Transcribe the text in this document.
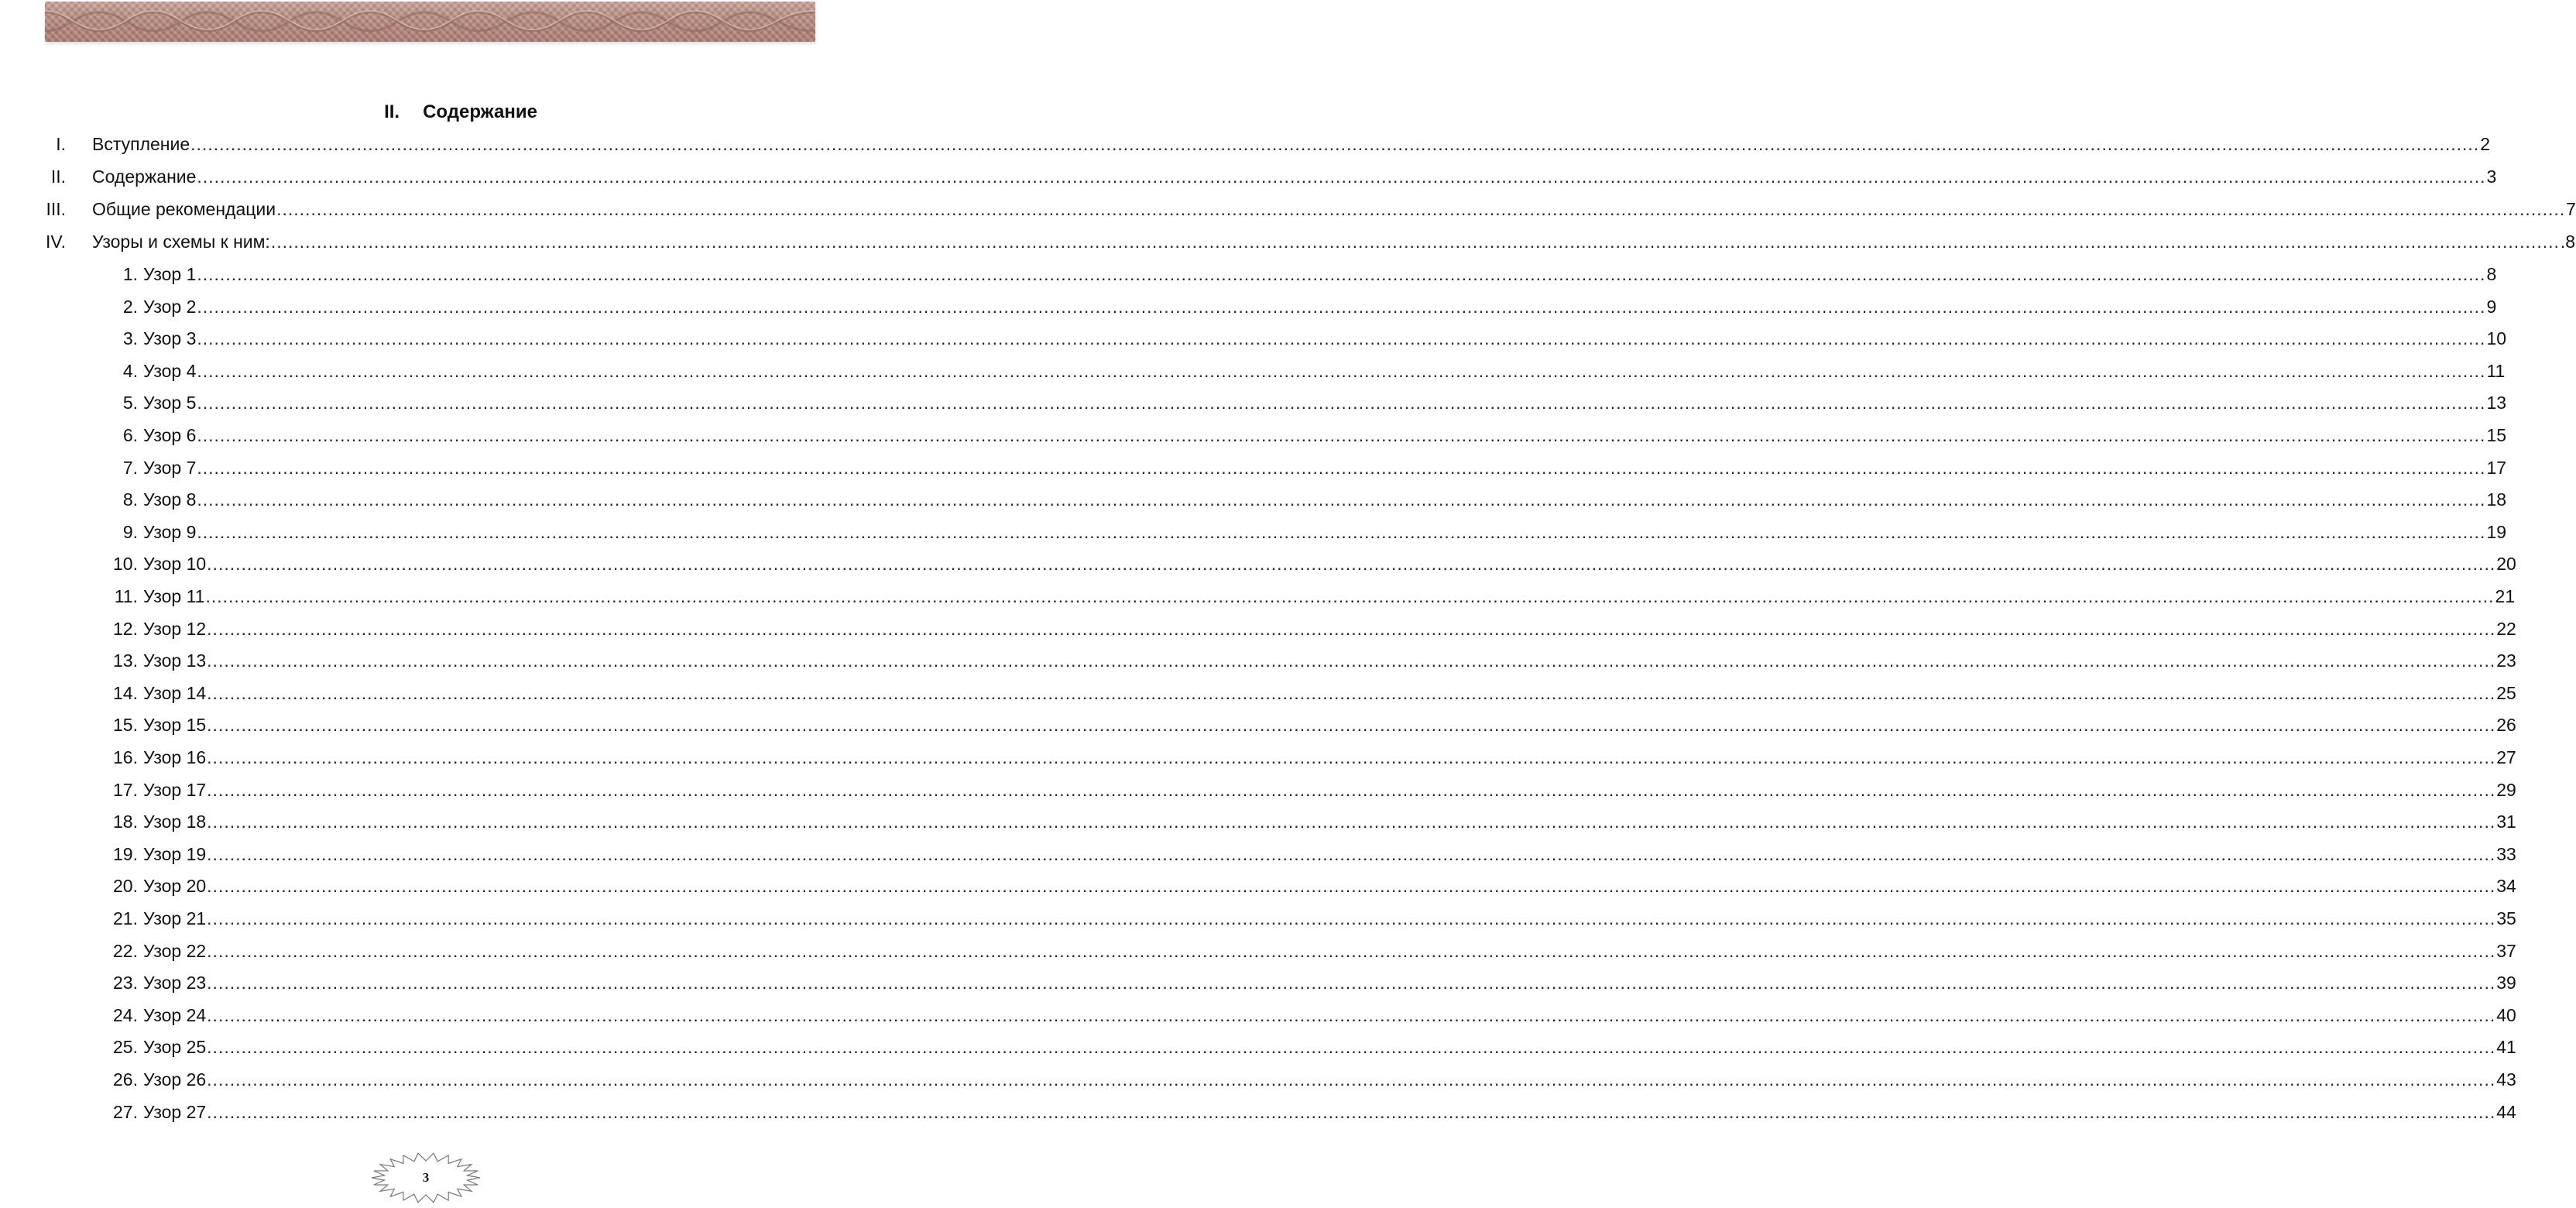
II. Содержание
Вступление ................................................................................................................................................................................................................................................................................................................................................................................................................ 2
Содержание ................................................................................................................................................................................................................................................................................................................................................................................................................ 3
Общие рекомендации ................................................................................................................................................................................................................................................................................................................................................................................................................ 7
Узоры и схемы к ним: ................................................................................................................................................................................................................................................................................................................................................................................................................ .8
Узор 1 ................................................................................................................................................................................................................................................................................................................................................................................................................ 8
Узор 2 ................................................................................................................................................................................................................................................................................................................................................................................................................ 9
Узор 3 ................................................................................................................................................................................................................................................................................................................................................................................................................ 10
Узор 4 ................................................................................................................................................................................................................................................................................................................................................................................................................ 11
Узор 5 ................................................................................................................................................................................................................................................................................................................................................................................................................ 13
Узор 6 ................................................................................................................................................................................................................................................................................................................................................................................................................ 15
Узор 7 ................................................................................................................................................................................................................................................................................................................................................................................................................ 17
Узор 8 ................................................................................................................................................................................................................................................................................................................................................................................................................ 18
Узор 9 ................................................................................................................................................................................................................................................................................................................................................................................................................ 19
Узор 10 ................................................................................................................................................................................................................................................................................................................................................................................................................ 20
Узор 11 ................................................................................................................................................................................................................................................................................................................................................................................................................ 21
Узор 12 ................................................................................................................................................................................................................................................................................................................................................................................................................ 22
Узор 13 ................................................................................................................................................................................................................................................................................................................................................................................................................ 23
Узор 14 ................................................................................................................................................................................................................................................................................................................................................................................................................ 25
Узор 15 ................................................................................................................................................................................................................................................................................................................................................................................................................ 26
Узор 16 ................................................................................................................................................................................................................................................................................................................................................................................................................ 27
Узор 17 ................................................................................................................................................................................................................................................................................................................................................................................................................ 29
Узор 18 ................................................................................................................................................................................................................................................................................................................................................................................................................ 31
Узор 19 ................................................................................................................................................................................................................................................................................................................................................................................................................ 33
Узор 20 ................................................................................................................................................................................................................................................................................................................................................................................................................ 34
Узор 21 ................................................................................................................................................................................................................................................................................................................................................................................................................ 35
Узор 22 ................................................................................................................................................................................................................................................................................................................................................................................................................ 37
Узор 23 ................................................................................................................................................................................................................................................................................................................................................................................................................ 39
Узор 24 ................................................................................................................................................................................................................................................................................................................................................................................................................ 40
Узор 25 ................................................................................................................................................................................................................................................................................................................................................................................................................ 41
Узор 26 ................................................................................................................................................................................................................................................................................................................................................................................................................ 43
Узор 27 ................................................................................................................................................................................................................................................................................................................................................................................................................ 44
3
I.
II.
III.
IV.
1.
2.
3.
4.
5.
6.
7.
8.
9.
10.
11.
12.
13.
14.
15.
16.
17.
18.
19.
20.
21.
22.
23.
24.
25.
26.
27.
